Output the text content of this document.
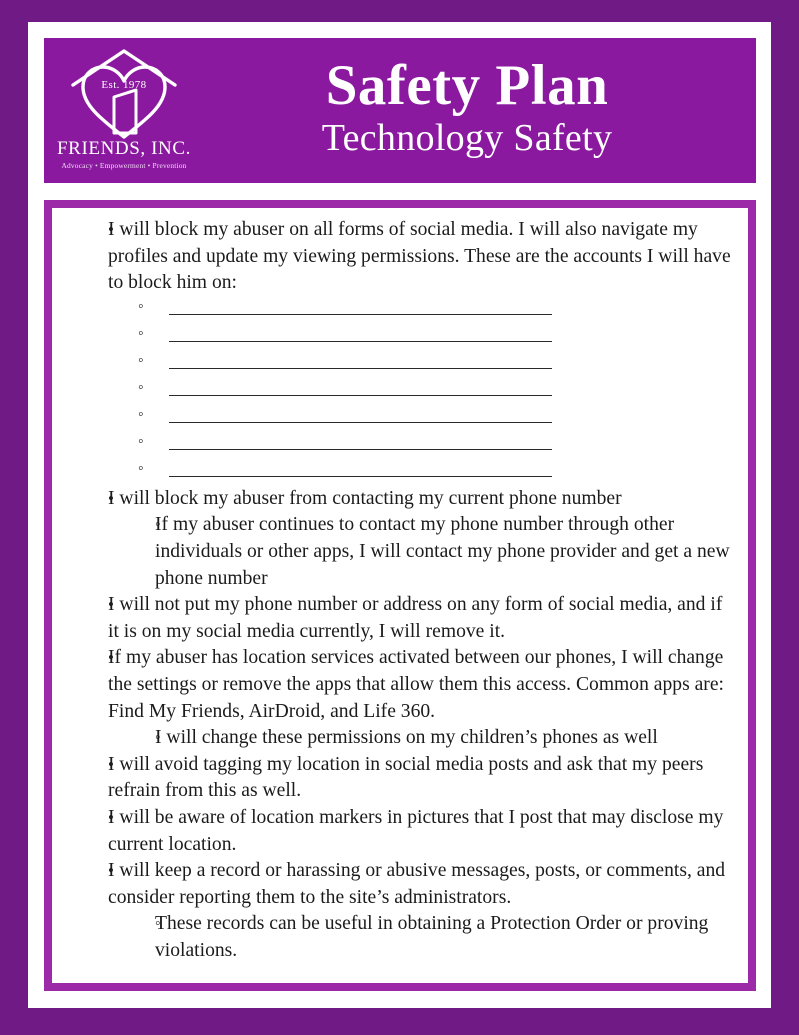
Est. 1978
FRIENDS, INC.
Advocacy • Empowerment • Prevention
Safety Plan
Technology Safety
• I will block my abuser on all forms of social media. I will also navigate my profiles and update my viewing permissions. These are the accounts I will have to block him on:
◦
◦
◦
◦
◦
◦
◦
• I will block my abuser from contacting my current phone number
◦ If my abuser continues to contact my phone number through other individuals or other apps, I will contact my phone provider and get a new phone number
• I will not put my phone number or address on any form of social media, and if it is on my social media currently, I will remove it.
• If my abuser has location services activated between our phones, I will change the settings or remove the apps that allow them this access. Common apps are: Find My Friends, AirDroid, and Life 360.
◦ I will change these permissions on my children’s phones as well
• I will avoid tagging my location in social media posts and ask that my peers refrain from this as well.
• I will be aware of location markers in pictures that I post that may disclose my current location.
• I will keep a record or harassing or abusive messages, posts, or comments, and consider reporting them to the site’s administrators.
◦ These records can be useful in obtaining a Protection Order or proving violations.
